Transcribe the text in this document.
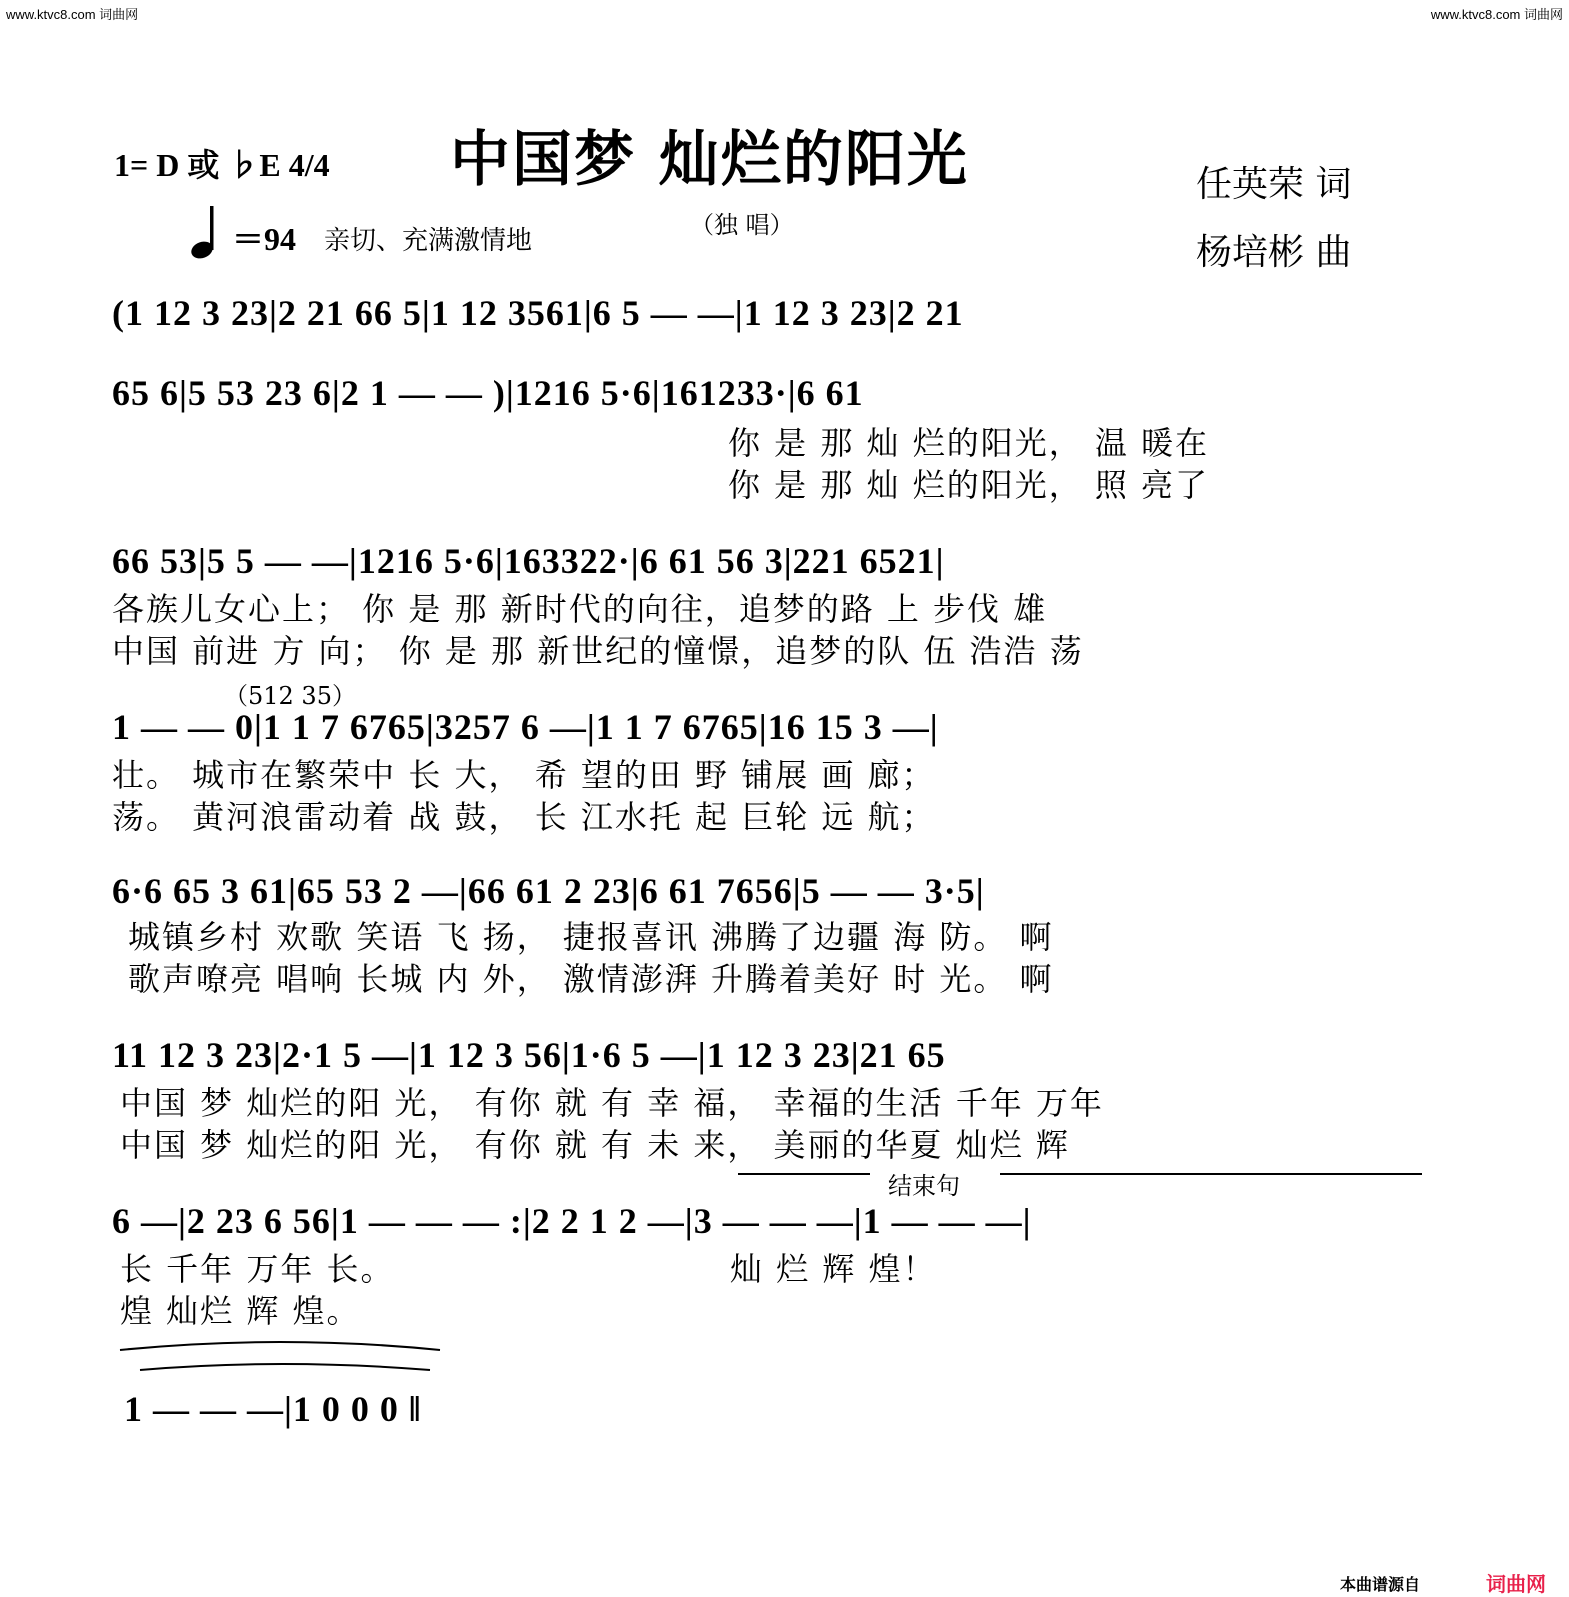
www.ktvc8.com 词曲网	www.ktvc8.com 词曲网
1= D 或 ♭E 4/4 中国梦 灿烂的阳光
（独 唱）
任英荣 词
杨培彬 曲
＝94 亲切、充满激情地
(1 12 3 23|2 21 66 5|1 12 3561|6 5 — —|1 12 3 23|2 21
65 6|5 53 23 6|2 1 — — )|1216 5·6|161233·|6 61
你 是 那 灿 烂的阳光， 温 暖在
你 是 那 灿 烂的阳光， 照 亮了
66 53|5 5 — —|1216 5·6|163322·|6 61 56 3|221 6521|
各族儿女心上； 你 是 那 新时代的向往，追梦的路 上 步伐 雄
中国 前进 方 向； 你 是 那 新世纪的憧憬，追梦的队 伍 浩浩 荡
（512 35）
1 — — 0|1 1 7 6765|3257 6 —|1 1 7 6765|16 15 3 —|
壮。 城市在繁荣中 长 大， 希 望的田 野 铺展 画 廊；
荡。 黄河浪雷动着 战 鼓， 长 江水托 起 巨轮 远 航；
6·6 65 3 61|65 53 2 —|66 61 2 23|6 61 7656|5 — — 3·5|
城镇乡村 欢歌 笑语 飞 扬， 捷报喜讯 沸腾了边疆 海 防。 啊
歌声嘹亮 唱响 长城 内 外， 激情澎湃 升腾着美好 时 光。 啊
11 12 3 23|2·1 5 —|1 12 3 56|1·6 5 —|1 12 3 23|21 65
中国 梦 灿烂的阳 光， 有你 就 有 幸 福， 幸福的生活 千年 万年
中国 梦 灿烂的阳 光， 有你 就 有 未 来， 美丽的华夏 灿烂 辉
结束句
6 —|2 23 6 56|1 — — — :|2 2 1 2 —|3 — — —|1 — — —|
长 千年 万年 长。
煌 灿烂 辉 煌。
灿 烂 辉 煌！
1 — — —|1 0 0 0 ‖
本曲谱源自	词曲网
